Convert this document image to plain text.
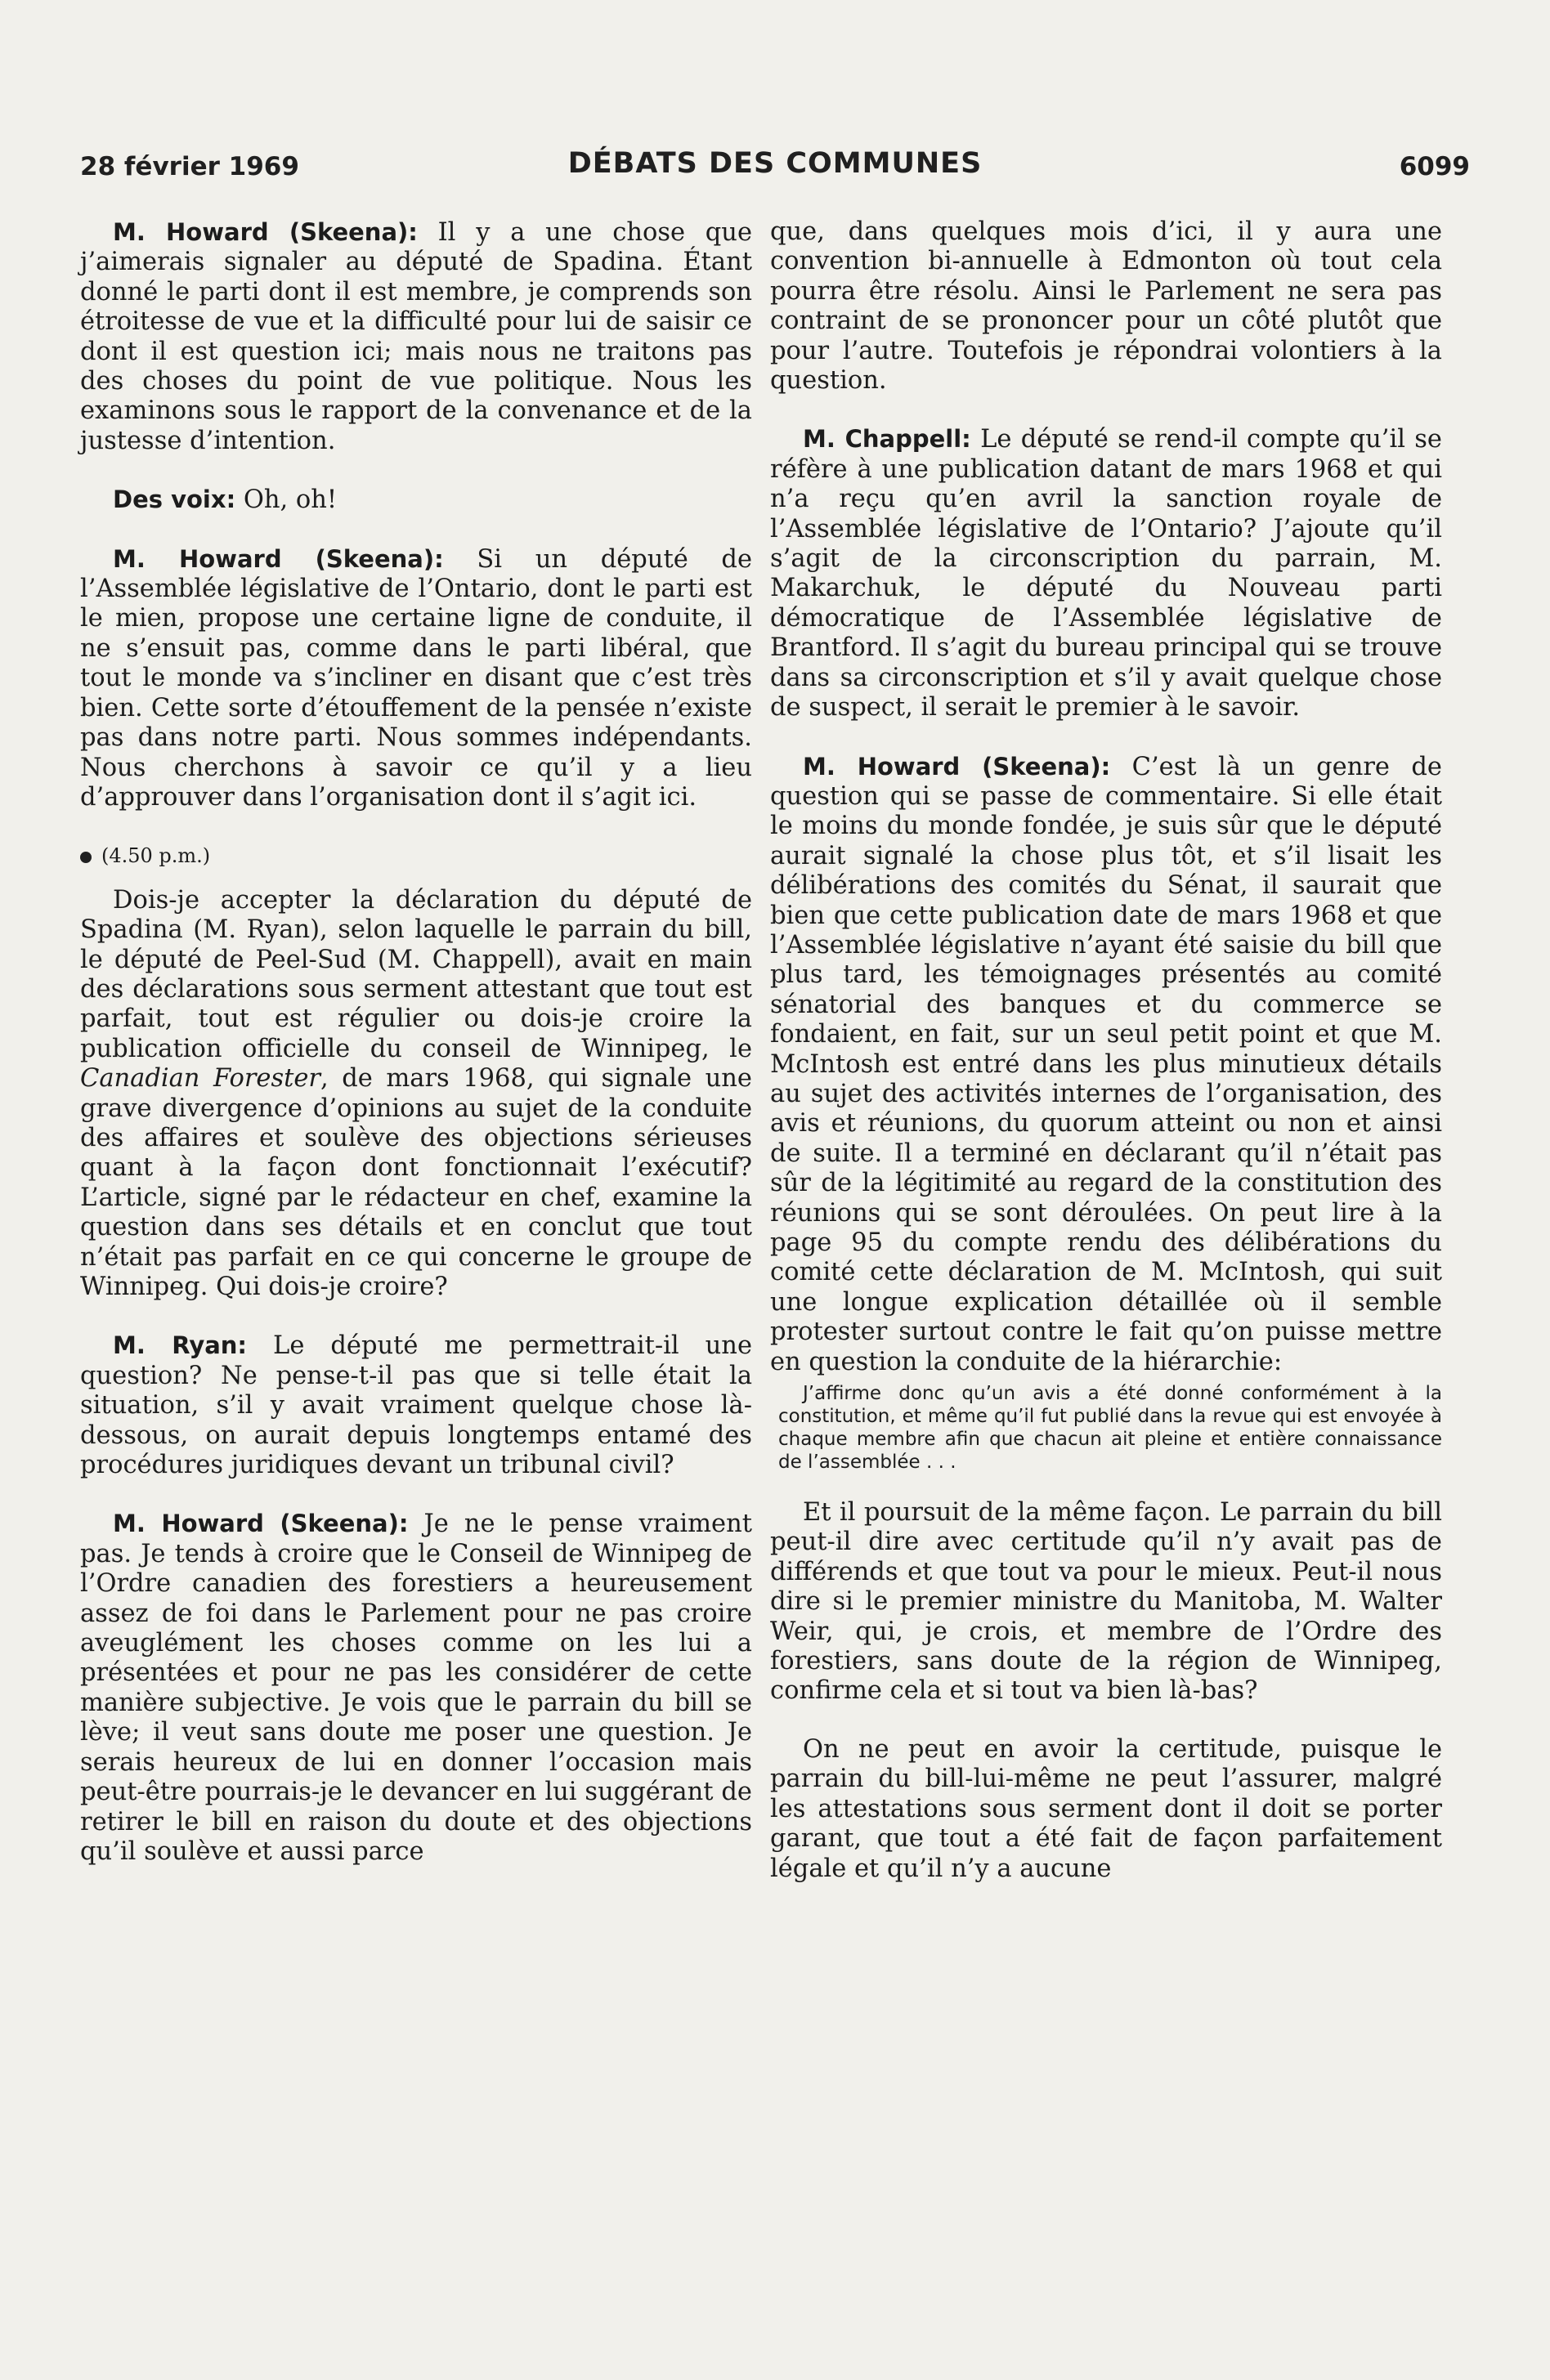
28 février 1969	DÉBATS DES COMMUNES	6099

M. Howard (Skeena): Il y a une chose que j’aimerais signaler au député de Spadina. Étant donné le parti dont il est membre, je comprends son étroitesse de vue et la difficulté pour lui de saisir ce dont il est question ici; mais nous ne traitons pas des choses du point de vue politique. Nous les examinons sous le rapport de la convenance et de la justesse d’intention.

Des voix: Oh, oh!

M. Howard (Skeena): Si un député de l’Assemblée législative de l’Ontario, dont le parti est le mien, propose une certaine ligne de conduite, il ne s’ensuit pas, comme dans le parti libéral, que tout le monde va s’incliner en disant que c’est très bien. Cette sorte d’étouffement de la pensée n’existe pas dans notre parti. Nous sommes indépendants. Nous cherchons à savoir ce qu’il y a lieu d’approuver dans l’organisation dont il s’agit ici.

(4.50 p.m.)

Dois-je accepter la déclaration du député de Spadina (M. Ryan), selon laquelle le parrain du bill, le député de Peel-Sud (M. Chappell), avait en main des déclarations sous serment attestant que tout est parfait, tout est régulier ou dois-je croire la publication officielle du conseil de Winnipeg, le Canadian Forester, de mars 1968, qui signale une grave divergence d’opinions au sujet de la conduite des affaires et soulève des objections sérieuses quant à la façon dont fonctionnait l’exécutif? L’article, signé par le rédacteur en chef, examine la question dans ses détails et en conclut que tout n’était pas parfait en ce qui concerne le groupe de Winnipeg. Qui dois-je croire?

M. Ryan: Le député me permettrait-il une question? Ne pense-t-il pas que si telle était la situation, s’il y avait vraiment quelque chose là-dessous, on aurait depuis longtemps entamé des procédures juridiques devant un tribunal civil?

M. Howard (Skeena): Je ne le pense vraiment pas. Je tends à croire que le Conseil de Winnipeg de l’Ordre canadien des forestiers a heureusement assez de foi dans le Parlement pour ne pas croire aveuglément les choses comme on les lui a présentées et pour ne pas les considérer de cette manière subjective. Je vois que le parrain du bill se lève; il veut sans doute me poser une question. Je serais heureux de lui en donner l’occasion mais peut-être pourrais-je le devancer en lui suggérant de retirer le bill en raison du doute et des objections qu’il soulève et aussi parce

que, dans quelques mois d’ici, il y aura une convention bi-annuelle à Edmonton où tout cela pourra être résolu. Ainsi le Parlement ne sera pas contraint de se prononcer pour un côté plutôt que pour l’autre. Toutefois je répondrai volontiers à la question.

M. Chappell: Le député se rend-il compte qu’il se réfère à une publication datant de mars 1968 et qui n’a reçu qu’en avril la sanction royale de l’Assemblée législative de l’Ontario? J’ajoute qu’il s’agit de la circonscription du parrain, M. Makarchuk, le député du Nouveau parti démocratique de l’Assemblée législative de Brantford. Il s’agit du bureau principal qui se trouve dans sa circonscription et s’il y avait quelque chose de suspect, il serait le premier à le savoir.

M. Howard (Skeena): C’est là un genre de question qui se passe de commentaire. Si elle était le moins du monde fondée, je suis sûr que le député aurait signalé la chose plus tôt, et s’il lisait les délibérations des comités du Sénat, il saurait que bien que cette publication date de mars 1968 et que l’Assemblée législative n’ayant été saisie du bill que plus tard, les témoignages présentés au comité sénatorial des banques et du commerce se fondaient, en fait, sur un seul petit point et que M. McIntosh est entré dans les plus minutieux détails au sujet des activités internes de l’organisation, des avis et réunions, du quorum atteint ou non et ainsi de suite. Il a terminé en déclarant qu’il n’était pas sûr de la légitimité au regard de la constitution des réunions qui se sont déroulées. On peut lire à la page 95 du compte rendu des délibérations du comité cette déclaration de M. McIntosh, qui suit une longue explication détaillée où il semble protester surtout contre le fait qu’on puisse mettre en question la conduite de la hiérarchie:

J’affirme donc qu’un avis a été donné conformément à la constitution, et même qu’il fut publié dans la revue qui est envoyée à chaque membre afin que chacun ait pleine et entière connaissance de l’assemblée . . .

Et il poursuit de la même façon. Le parrain du bill peut-il dire avec certitude qu’il n’y avait pas de différends et que tout va pour le mieux. Peut-il nous dire si le premier ministre du Manitoba, M. Walter Weir, qui, je crois, et membre de l’Ordre des forestiers, sans doute de la région de Winnipeg, confirme cela et si tout va bien là-bas?

On ne peut en avoir la certitude, puisque le parrain du bill-lui-même ne peut l’assurer, malgré les attestations sous serment dont il doit se porter garant, que tout a été fait de façon parfaitement légale et qu’il n’y a aucune
